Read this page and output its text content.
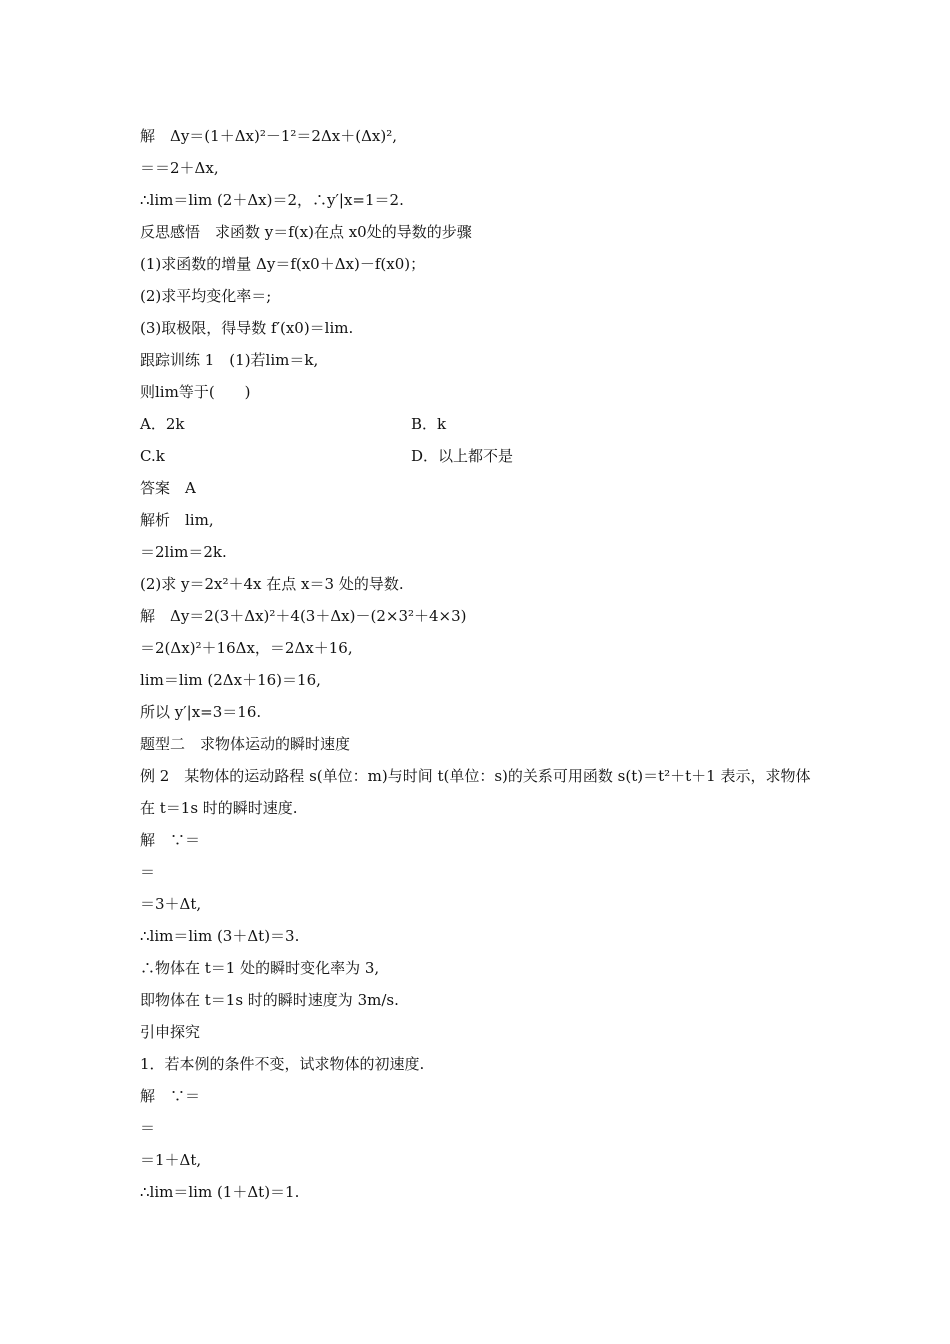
解　Δy＝(1＋Δx)²－1²＝2Δx＋(Δx)²,
＝＝2＋Δx,
∴lim＝lim (2＋Δx)＝2，∴y′|x=1＝2.
反思感悟　求函数 y＝f(x)在点 x0处的导数的步骤
(1)求函数的增量 Δy＝f(x0＋Δx)－f(x0)；
(2)求平均变化率＝;
(3)取极限，得导数 f′(x0)＝lim.
跟踪训练 1　(1)若lim＝k,
则lim等于(　　)
A．2k	B．k
C.k	D．以上都不是
答案　A
解析　lim,
＝2lim＝2k.
(2)求 y＝2x²＋4x 在点 x＝3 处的导数.
解　Δy＝2(3＋Δx)²＋4(3＋Δx)－(2×3²＋4×3)
＝2(Δx)²＋16Δx，＝2Δx＋16,
lim＝lim (2Δx＋16)＝16,
所以 y′|x=3＝16.
题型二　求物体运动的瞬时速度
例 2　某物体的运动路程 s(单位：m)与时间 t(单位：s)的关系可用函数 s(t)＝t²＋t＋1 表示，求物体在 t＝1s 时的瞬时速度.
解　∵＝
＝
＝3＋Δt,
∴lim＝lim (3＋Δt)＝3.
∴物体在 t＝1 处的瞬时变化率为 3,
即物体在 t＝1s 时的瞬时速度为 3m/s.
引申探究
1．若本例的条件不变，试求物体的初速度.
解　∵＝
＝
＝1＋Δt,
∴lim＝lim (1＋Δt)＝1.
